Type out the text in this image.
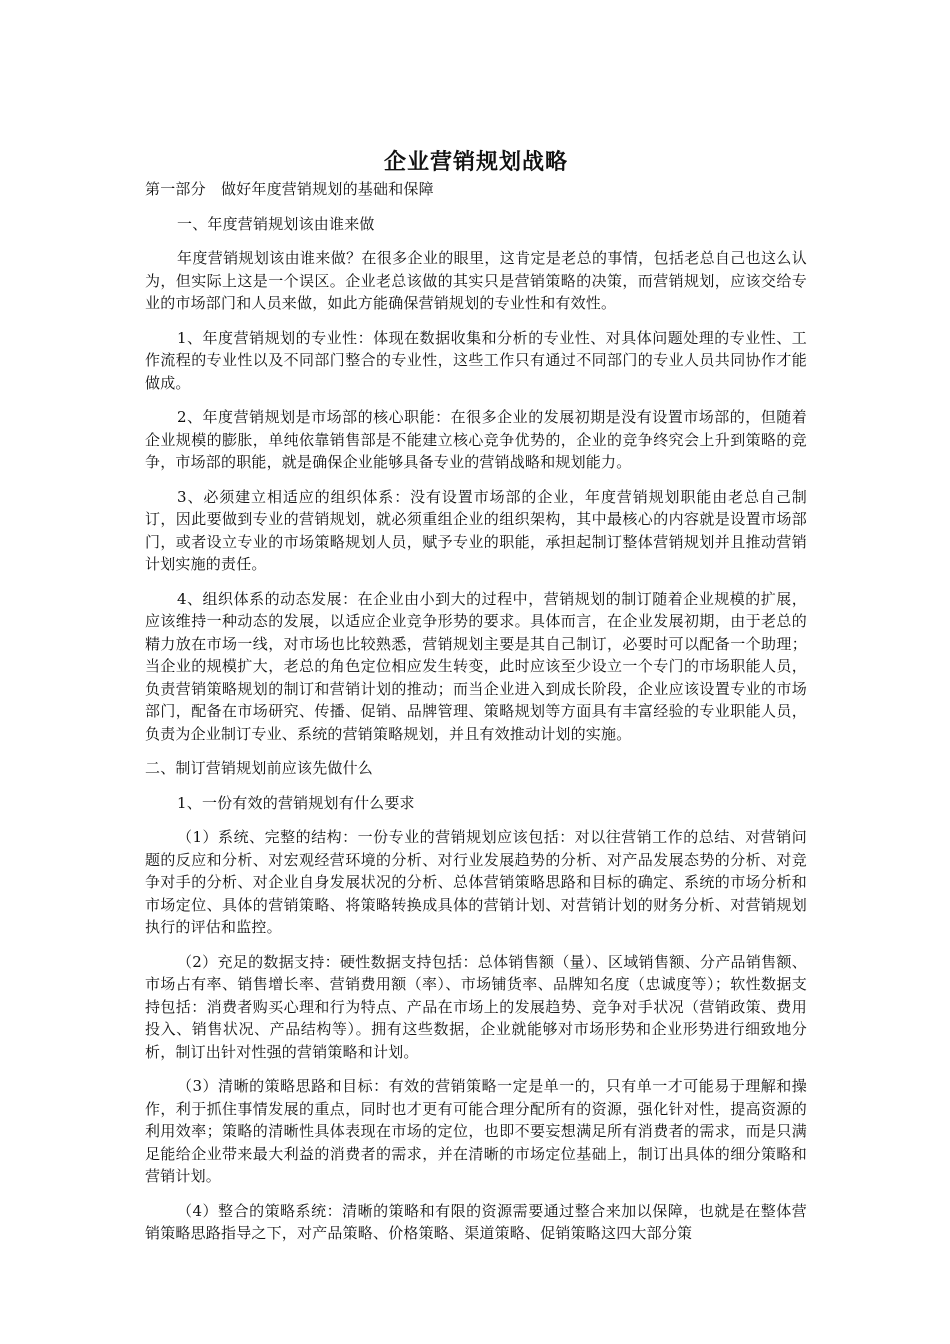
企业营销规划战略

第一部分　做好年度营销规划的基础和保障

一、年度营销规划该由谁来做

年度营销规划该由谁来做？在很多企业的眼里，这肯定是老总的事情，包括老总自己也这么认为，但实际上这是一个误区。企业老总该做的其实只是营销策略的决策，而营销规划，应该交给专业的市场部门和人员来做，如此方能确保营销规划的专业性和有效性。

1、年度营销规划的专业性：体现在数据收集和分析的专业性、对具体问题处理的专业性、工作流程的专业性以及不同部门整合的专业性，这些工作只有通过不同部门的专业人员共同协作才能做成。

2、年度营销规划是市场部的核心职能：在很多企业的发展初期是没有设置市场部的，但随着企业规模的膨胀，单纯依靠销售部是不能建立核心竞争优势的，企业的竞争终究会上升到策略的竞争，市场部的职能，就是确保企业能够具备专业的营销战略和规划能力。

3、必须建立相适应的组织体系：没有设置市场部的企业，年度营销规划职能由老总自己制订，因此要做到专业的营销规划，就必须重组企业的组织架构，其中最核心的内容就是设置市场部门，或者设立专业的市场策略规划人员，赋予专业的职能，承担起制订整体营销规划并且推动营销计划实施的责任。

4、组织体系的动态发展：在企业由小到大的过程中，营销规划的制订随着企业规模的扩展，应该维持一种动态的发展，以适应企业竞争形势的要求。具体而言，在企业发展初期，由于老总的精力放在市场一线，对市场也比较熟悉，营销规划主要是其自己制订，必要时可以配备一个助理；当企业的规模扩大，老总的角色定位相应发生转变，此时应该至少设立一个专门的市场职能人员，负责营销策略规划的制订和营销计划的推动；而当企业进入到成长阶段，企业应该设置专业的市场部门，配备在市场研究、传播、促销、品牌管理、策略规划等方面具有丰富经验的专业职能人员，负责为企业制订专业、系统的营销策略规划，并且有效推动计划的实施。

二、制订营销规划前应该先做什么

1、一份有效的营销规划有什么要求

（1）系统、完整的结构：一份专业的营销规划应该包括：对以往营销工作的总结、对营销问题的反应和分析、对宏观经营环境的分析、对行业发展趋势的分析、对产品发展态势的分析、对竞争对手的分析、对企业自身发展状况的分析、总体营销策略思路和目标的确定、系统的市场分析和市场定位、具体的营销策略、将策略转换成具体的营销计划、对营销计划的财务分析、对营销规划执行的评估和监控。

（2）充足的数据支持：硬性数据支持包括：总体销售额（量）、区域销售额、分产品销售额、市场占有率、销售增长率、营销费用额（率）、市场铺货率、品牌知名度（忠诚度等）；软性数据支持包括：消费者购买心理和行为特点、产品在市场上的发展趋势、竞争对手状况（营销政策、费用投入、销售状况、产品结构等）。拥有这些数据，企业就能够对市场形势和企业形势进行细致地分析，制订出针对性强的营销策略和计划。

（3）清晰的策略思路和目标：有效的营销策略一定是单一的，只有单一才可能易于理解和操作，利于抓住事情发展的重点，同时也才更有可能合理分配所有的资源，强化针对性，提高资源的利用效率；策略的清晰性具体表现在市场的定位，也即不要妄想满足所有消费者的需求，而是只满足能给企业带来最大利益的消费者的需求，并在清晰的市场定位基础上，制订出具体的细分策略和营销计划。

（4）整合的策略系统：清晰的策略和有限的资源需要通过整合来加以保障，也就是在整体营销策略思路指导之下，对产品策略、价格策略、渠道策略、促销策略这四大部分策
